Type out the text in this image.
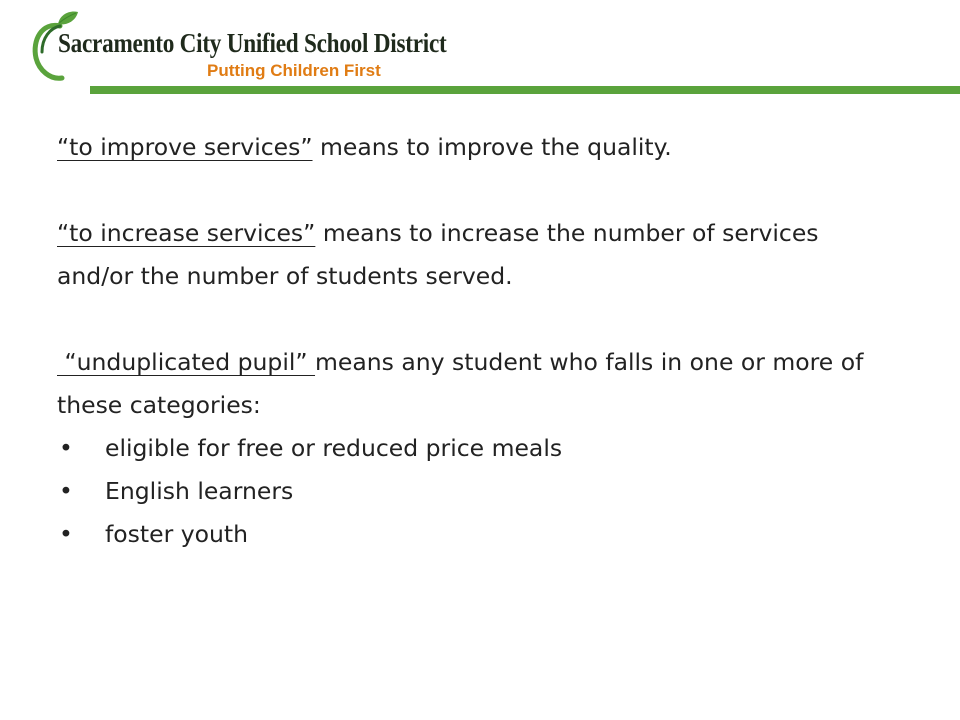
Sacramento City Unified School District
Putting Children First

“to improve services” means to improve the quality.

“to increase services” means to increase the number of services and/or the number of students served.

“unduplicated pupil” means any student who falls in one or more of these categories:

• eligible for free or reduced price meals
• English learners
• foster youth
